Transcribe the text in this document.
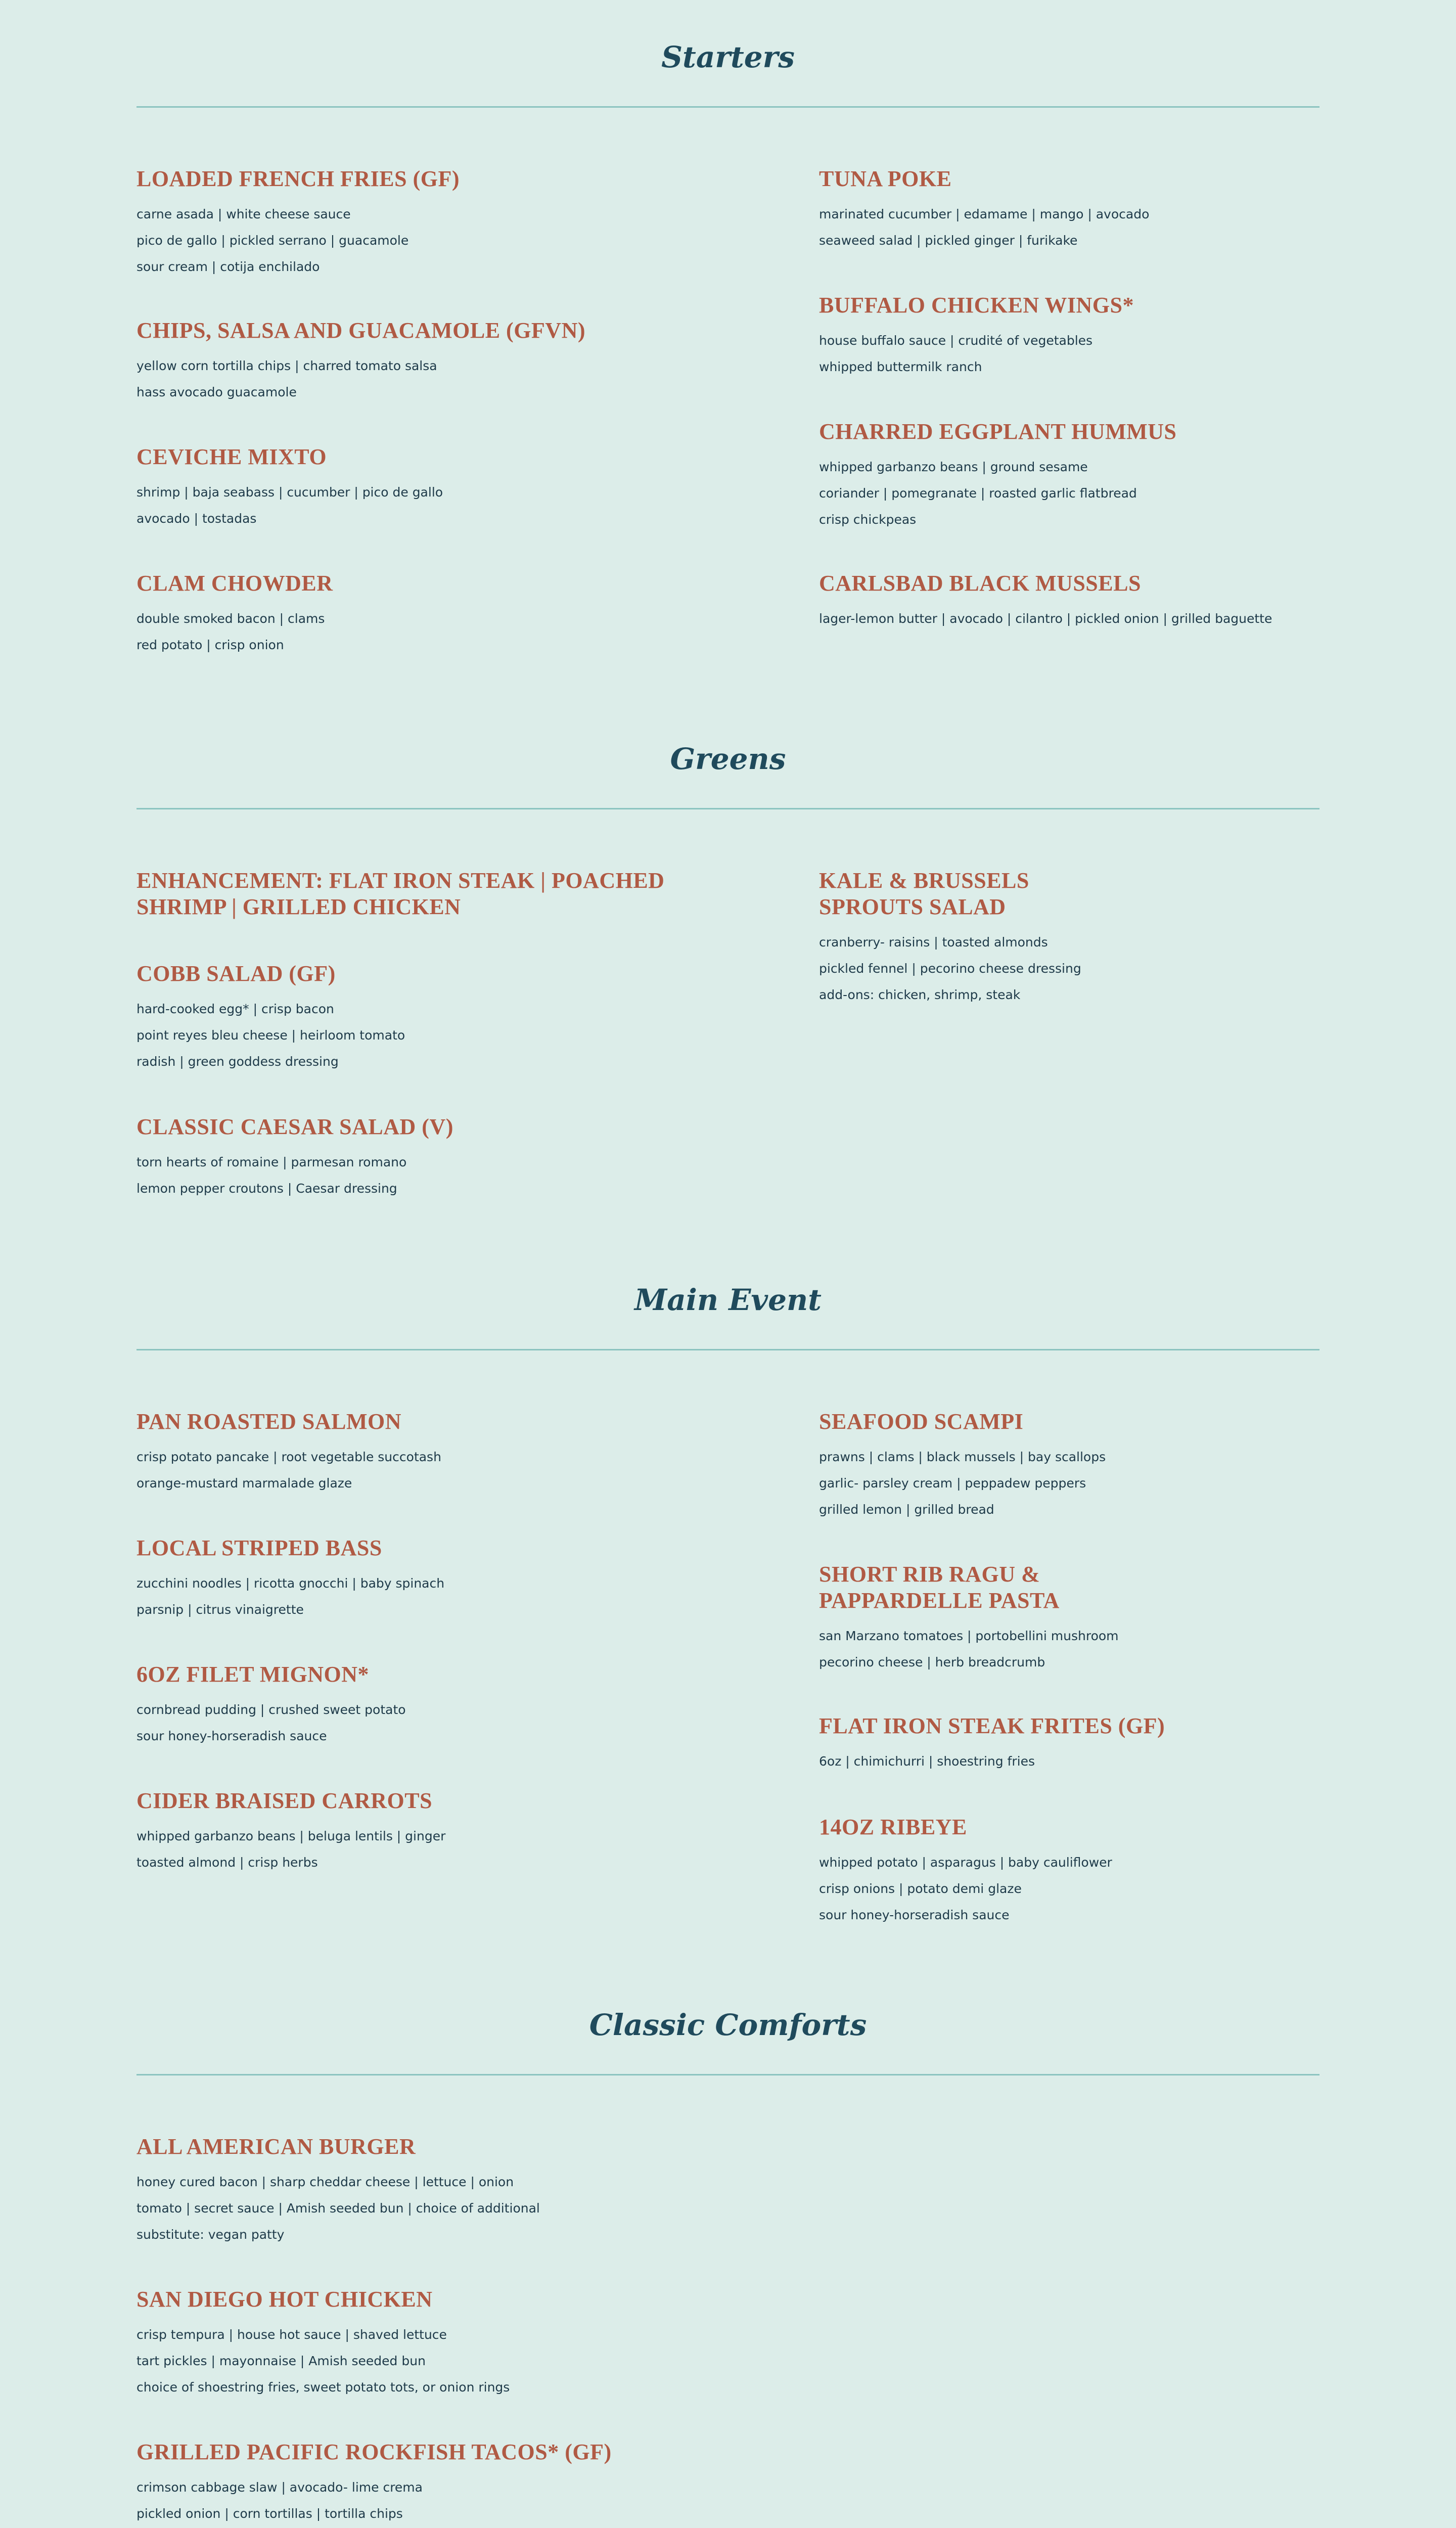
Starters
LOADED FRENCH FRIES (GF)

carne asada | white cheese sauce

pico de gallo | pickled serrano | guacamole

sour cream | cotija enchilado

TUNA POKE

marinated cucumber | edamame | mango | avocado

seaweed salad | pickled ginger | furikake

CHIPS, SALSA AND GUACAMOLE (GFVN)

yellow corn tortilla chips | charred tomato salsa

hass avocado guacamole

BUFFALO CHICKEN WINGS*

house buffalo sauce | crudité of vegetables

whipped buttermilk ranch

CEVICHE MIXTO

shrimp | baja seabass | cucumber | pico de gallo

avocado | tostadas

CHARRED EGGPLANT HUMMUS

whipped garbanzo beans | ground sesame

coriander | pomegranate | roasted garlic flatbread

crisp chickpeas

CLAM CHOWDER

double smoked bacon | clams

red potato | crisp onion

CARLSBAD BLACK MUSSELS

lager-lemon butter | avocado | cilantro | pickled onion | grilled baguette

Greens
ENHANCEMENT: FLAT IRON STEAK | POACHED
SHRIMP | GRILLED CHICKEN
KALE & BRUSSELS
SPROUTS SALAD

cranberry- raisins | toasted almonds

pickled fennel | pecorino cheese dressing

add-ons: chicken, shrimp, steak

COBB SALAD (GF)

hard-cooked egg* | crisp bacon

point reyes bleu cheese | heirloom tomato

radish | green goddess dressing

CLASSIC CAESAR SALAD (V)

torn hearts of romaine | parmesan romano

lemon pepper croutons | Caesar dressing

Main Event
PAN ROASTED SALMON

crisp potato pancake | root vegetable succotash

orange-mustard marmalade glaze

SEAFOOD SCAMPI

prawns | clams | black mussels | bay scallops

garlic- parsley cream | peppadew peppers

grilled lemon | grilled bread

LOCAL STRIPED BASS

zucchini noodles | ricotta gnocchi | baby spinach

parsnip | citrus vinaigrette

SHORT RIB RAGU &
PAPPARDELLE PASTA

san Marzano tomatoes | portobellini mushroom

pecorino cheese | herb breadcrumb

6OZ FILET MIGNON*

cornbread pudding | crushed sweet potato

sour honey-horseradish sauce	FLAT IRON STEAK FRITES (GF)

6oz | chimichurri | shoestring fries

CIDER BRAISED CARROTS

whipped garbanzo beans | beluga lentils | ginger

toasted almond | crisp herbs

14OZ RIBEYE

whipped potato | asparagus | baby cauliflower

crisp onions | potato demi glaze

sour honey-horseradish sauce

Classic Comforts
ALL AMERICAN BURGER

honey cured bacon | sharp cheddar cheese | lettuce | onion

tomato | secret sauce | Amish seeded bun | choice of additional

substitute: vegan patty

SAN DIEGO HOT CHICKEN

crisp tempura | house hot sauce | shaved lettuce

tart pickles | mayonnaise | Amish seeded bun

choice of shoestring fries, sweet potato tots, or onion rings

GRILLED PACIFIC ROCKFISH TACOS* (GF)

crimson cabbage slaw | avocado- lime crema

pickled onion | corn tortillas | tortilla chips
